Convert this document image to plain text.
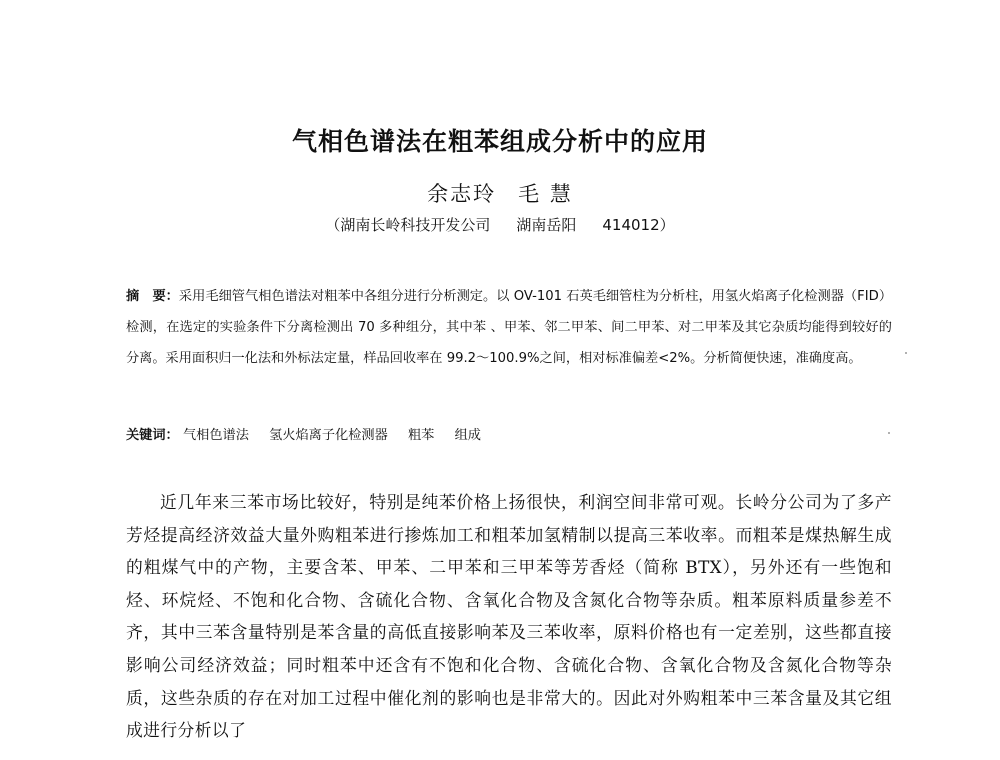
气相色谱法在粗苯组成分析中的应用
余志玲 毛 慧
（湖南长岭科技开发公司 湖南岳阳 414012）
摘　要：采用毛细管气相色谱法对粗苯中各组分进行分析测定。以 OV-101 石英毛细管柱为分析柱，用氢火焰离子化检测器（FID）检测，在选定的实验条件下分离检测出 70 多种组分，其中苯 、甲苯、邻二甲苯、间二甲苯、对二甲苯及其它杂质均能得到较好的分离。采用面积归一化法和外标法定量，样品回收率在 99.2～100.9%之间，相对标准偏差<2%。分析简便快速，准确度高。
关键词： 气相色谱法 氢火焰离子化检测器 粗苯 组成
近几年来三苯市场比较好，特别是纯苯价格上扬很快，利润空间非常可观。长岭分公司为了多产芳烃提高经济效益大量外购粗苯进行掺炼加工和粗苯加氢精制以提高三苯收率。而粗苯是煤热解生成的粗煤气中的产物，主要含苯、甲苯、二甲苯和三甲苯等芳香烃（简称 BTX），另外还有一些饱和烃、环烷烃、不饱和化合物、含硫化合物、含氧化合物及含氮化合物等杂质。粗苯原料质量参差不齐，其中三苯含量特别是苯含量的高低直接影响苯及三苯收率，原料价格也有一定差别，这些都直接影响公司经济效益；同时粗苯中还含有不饱和化合物、含硫化合物、含氧化合物及含氮化合物等杂质，这些杂质的存在对加工过程中催化剂的影响也是非常大的。因此对外购粗苯中三苯含量及其它组成进行分析以了
